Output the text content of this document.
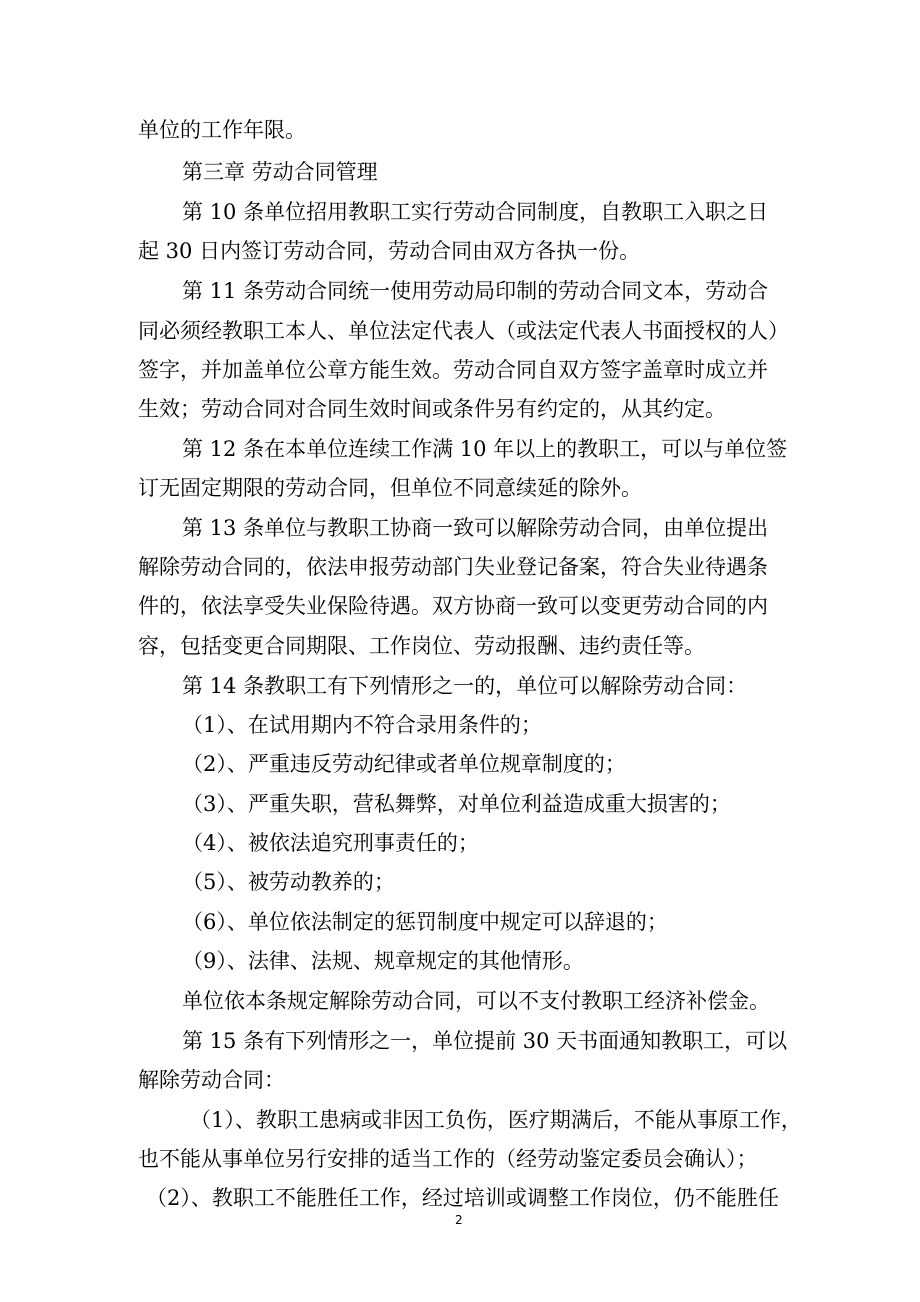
单位的工作年限。
第三章 劳动合同管理
第 10 条单位招用教职工实行劳动合同制度，自教职工入职之日
起 30 日内签订劳动合同，劳动合同由双方各执一份。
第 11 条劳动合同统一使用劳动局印制的劳动合同文本，劳动合
同必须经教职工本人、单位法定代表人（或法定代表人书面授权的人）
签字，并加盖单位公章方能生效。劳动合同自双方签字盖章时成立并
生效；劳动合同对合同生效时间或条件另有约定的，从其约定。
第 12 条在本单位连续工作满 10 年以上的教职工，可以与单位签
订无固定期限的劳动合同，但单位不同意续延的除外。
第 13 条单位与教职工协商一致可以解除劳动合同，由单位提出
解除劳动合同的，依法申报劳动部门失业登记备案，符合失业待遇条
件的，依法享受失业保险待遇。双方协商一致可以变更劳动合同的内
容，包括变更合同期限、工作岗位、劳动报酬、违约责任等。
第 14 条教职工有下列情形之一的，单位可以解除劳动合同：
（1）、在试用期内不符合录用条件的；
（2）、严重违反劳动纪律或者单位规章制度的；
（3）、严重失职，营私舞弊，对单位利益造成重大损害的；
（4）、被依法追究刑事责任的；
（5）、被劳动教养的；
（6）、单位依法制定的惩罚制度中规定可以辞退的；
（9）、法律、法规、规章规定的其他情形。
单位依本条规定解除劳动合同，可以不支付教职工经济补偿金。
第 15 条有下列情形之一，单位提前 30 天书面通知教职工，可以
解除劳动合同：
（1）、教职工患病或非因工负伤，医疗期满后，不能从事原工作，
也不能从事单位另行安排的适当工作的（经劳动鉴定委员会确认）；
（2）、教职工不能胜任工作，经过培训或调整工作岗位，仍不能胜任
2
